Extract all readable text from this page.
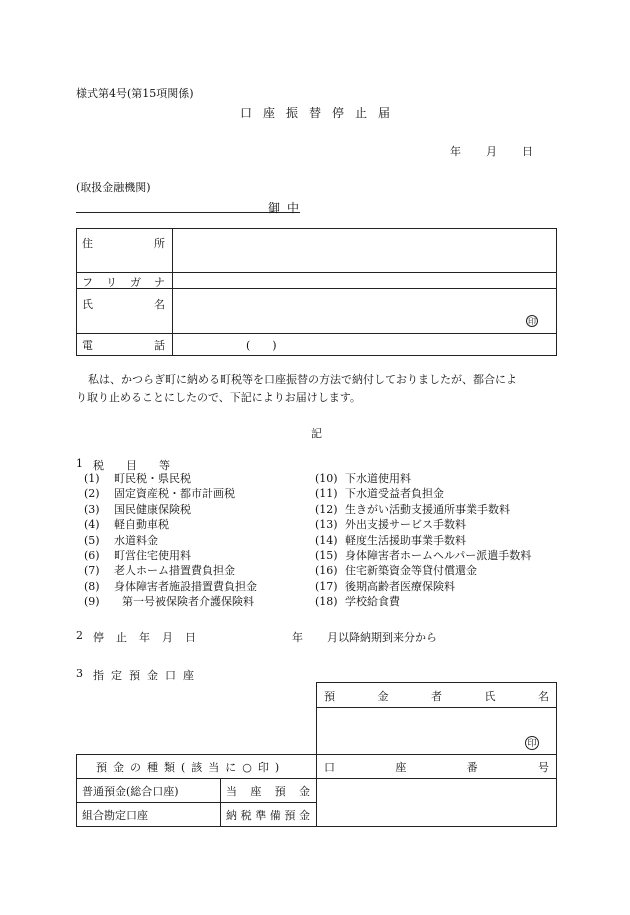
様式第4号(第15項関係)
口座振替停止届
年 月 日
(取扱金融機関)
御中
住	所
フ リ ガ ナ
氏	名
印
電	話	(　　)
私は、かつらぎ町に納める町税等を口座振替の方法で納付しておりましたが、都合によ
り取り止めることにしたので、下記によりお届けします。
記
1 税目等
(1) 町民税・県民税
(2) 固定資産税・都市計画税
(3) 国民健康保険税
(4) 軽自動車税
(5) 水道料金
(6) 町営住宅使用料
(7) 老人ホーム措置費負担金
(8) 身体障害者施設措置費負担金
(9) 第一号被保険者介護保険料
(10) 下水道使用料
(11) 下水道受益者負担金
(12) 生きがい活動支援通所事業手数料
(13) 外出支援サービス手数料
(14) 軽度生活援助事業手数料
(15) 身体障害者ホームヘルパー派遣手数料
(16) 住宅新築資金等貸付償還金
(17) 後期高齢者医療保険料
(18) 学校給食費
2 停止年月日	年 月以降納期到来分から
3 指定預金口座
預	金	者	氏	名
印
預金の種類(該当に○印)	口	座	番	号
普通預金(総合口座)	当 座 預 金
組合勘定口座	納 税 準 備 預 金
